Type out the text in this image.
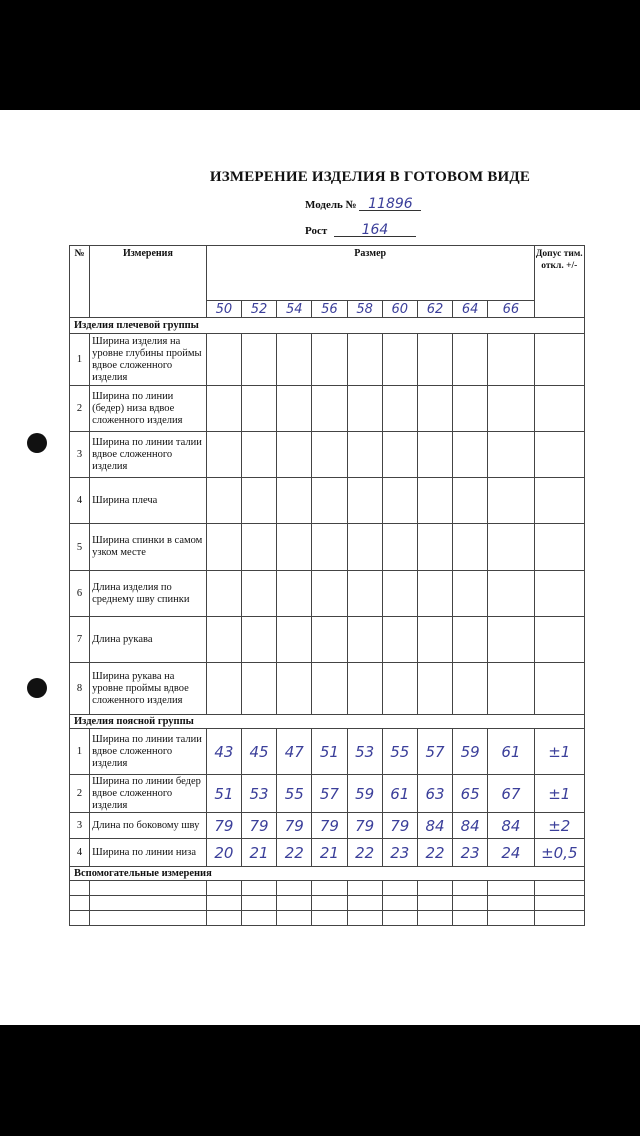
ИЗМЕРЕНИЕ ИЗДЕЛИЯ В ГОТОВОМ ВИДЕ
Модель № 11896
Рост 164
№	Измерения	Размер									Допус тим. откл. +/-
		50	52	54	56	58	60	62	64	66	
Изделия плечевой группы											
1	Ширина изделия на уровне глубины проймы вдвое сложенного изделия										
2	Ширина по линии (бедер) низа вдвое сложенного изделия										
3	Ширина по линии талии вдвое сложенного изделия										
4	Ширина плеча										
5	Ширина спинки в самом узком месте										
6	Длина изделия по среднему шву спинки										
7	Длина рукава										
8	Ширина рукава на уровне проймы вдвое сложенного изделия										
Изделия поясной группы											
1	Ширина по линии талии вдвое сложенного изделия	43	45	47	51	53	55	57	59	61	±1
2	Ширина по линии бедер вдвое сложенного изделия	51	53	55	57	59	61	63	65	67	±1
3	Длина по боковому шву	79	79	79	79	79	79	84	84	84	±2
4	Ширина по линии низа	20	21	22	21	22	23	22	23	24	±0,5
Вспомогательные измерения											
